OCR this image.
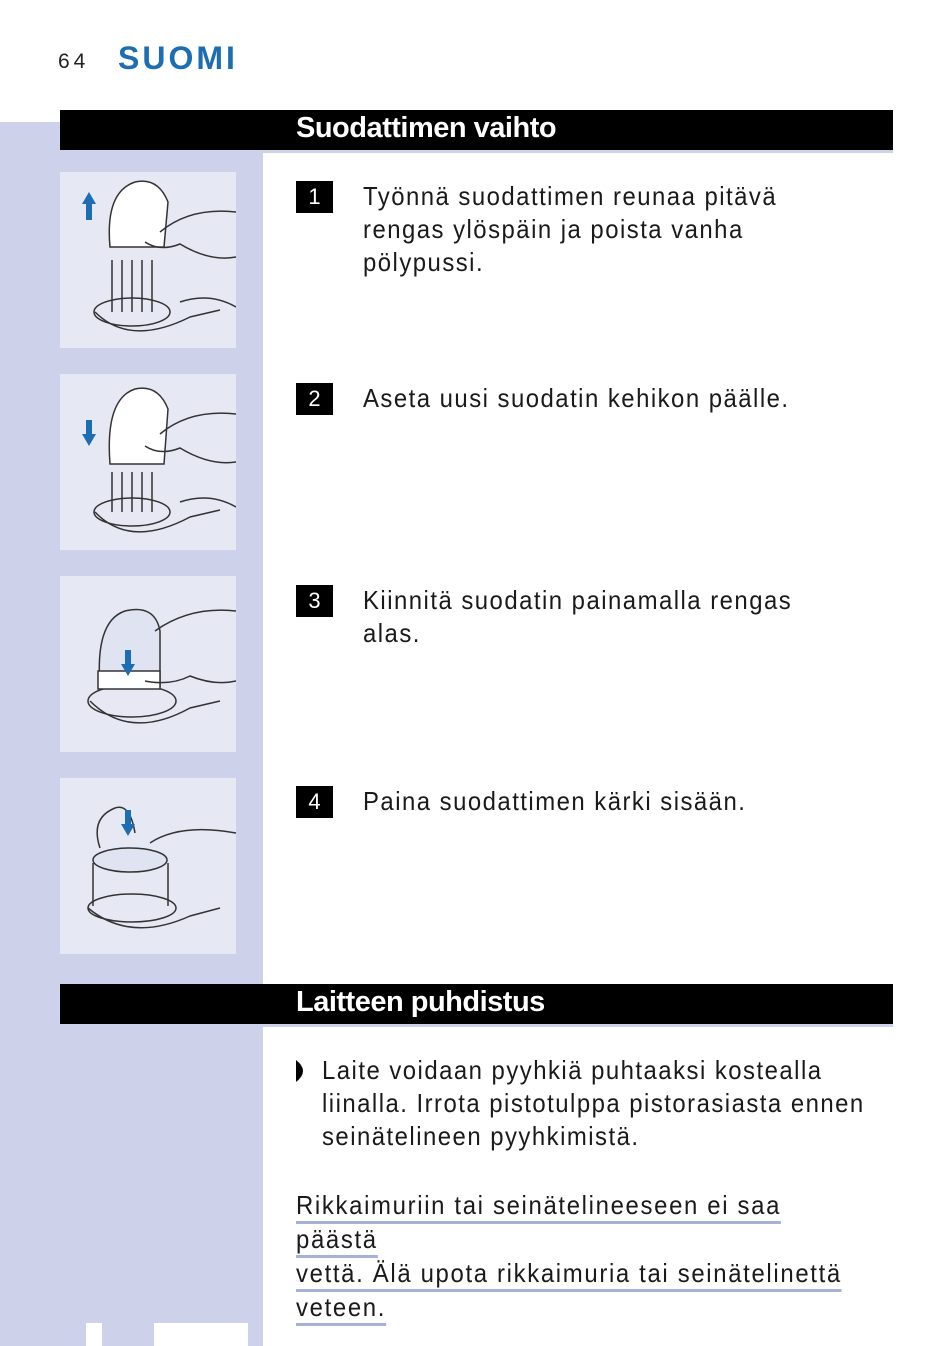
64 SUOMI
Suodattimen vaihto
1	Työnnä suodattimen reunaa pitävä rengas ylöspäin ja poista vanha pölypussi.
2	Aseta uusi suodatin kehikon päälle.
3	Kiinnitä suodatin painamalla rengas alas.
4	Paina suodattimen kärki sisään.
Laitteen puhdistus
Laite voidaan pyyhkiä puhtaaksi kostealla liinalla. Irrota pistotulppa pistorasiasta ennen seinätelineen pyyhkimistä.
Rikkaimuriin tai seinätelineeseen ei saa päästä
vettä. Älä upota rikkaimuria tai seinätelinettä
veteen.
